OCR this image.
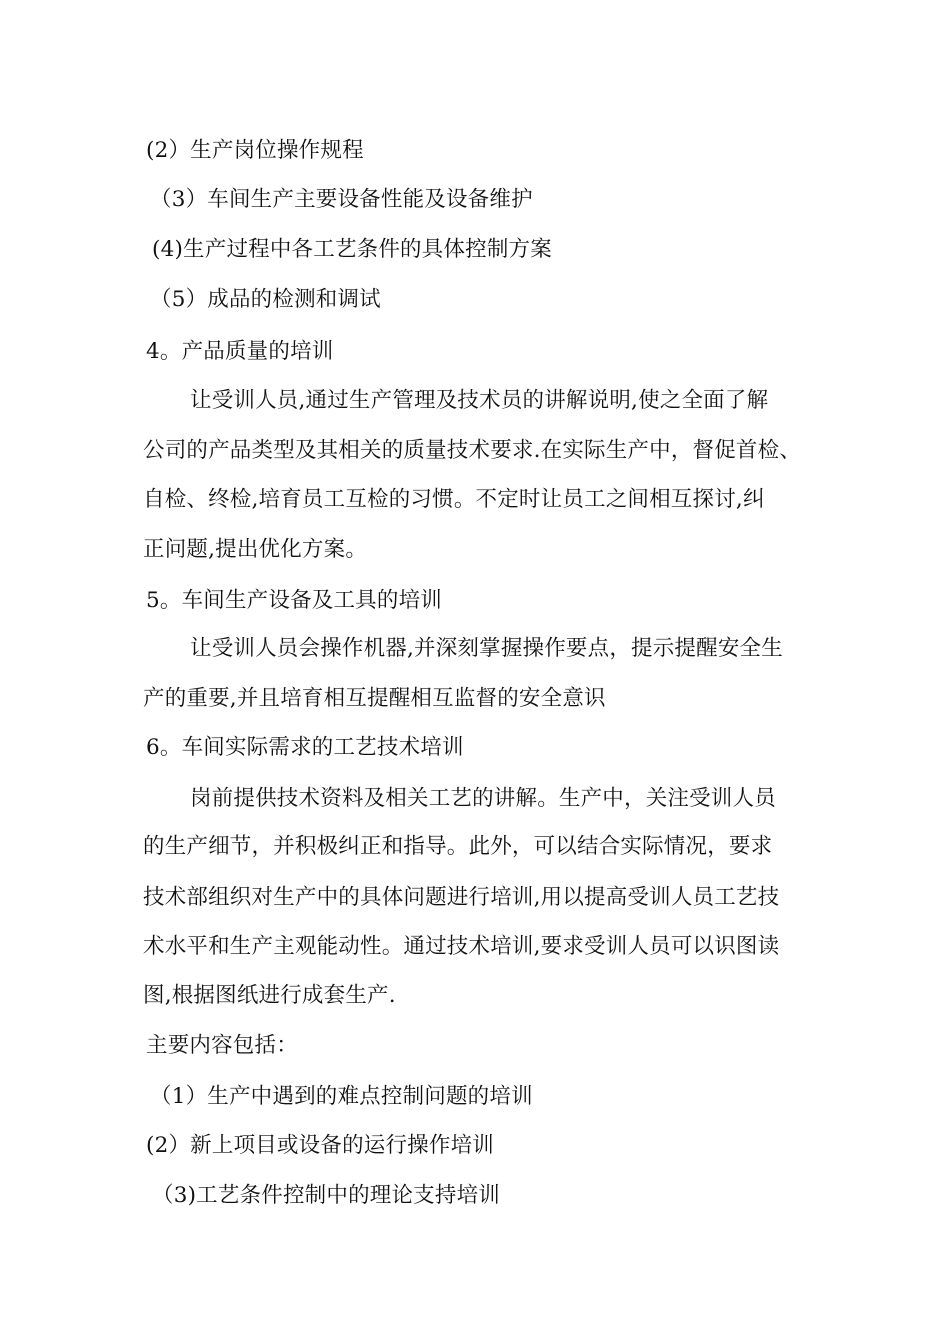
(2）生产岗位操作规程
（3）车间生产主要设备性能及设备维护
(4)生产过程中各工艺条件的具体控制方案
（5）成品的检测和调试
4。产品质量的培训
让受训人员,通过生产管理及技术员的讲解说明,使之全面了解
公司的产品类型及其相关的质量技术要求.在实际生产中，督促首检、
自检、终检,培育员工互检的习惯。不定时让员工之间相互探讨,纠
正问题,提出优化方案。
5。车间生产设备及工具的培训
让受训人员会操作机器,并深刻掌握操作要点，提示提醒安全生
产的重要,并且培育相互提醒相互监督的安全意识
6。车间实际需求的工艺技术培训
岗前提供技术资料及相关工艺的讲解。生产中，关注受训人员
的生产细节，并积极纠正和指导。此外，可以结合实际情况，要求
技术部组织对生产中的具体问题进行培训,用以提高受训人员工艺技
术水平和生产主观能动性。通过技术培训,要求受训人员可以识图读
图,根据图纸进行成套生产.
主要内容包括：
（1）生产中遇到的难点控制问题的培训
(2）新上项目或设备的运行操作培训
（3)工艺条件控制中的理论支持培训
